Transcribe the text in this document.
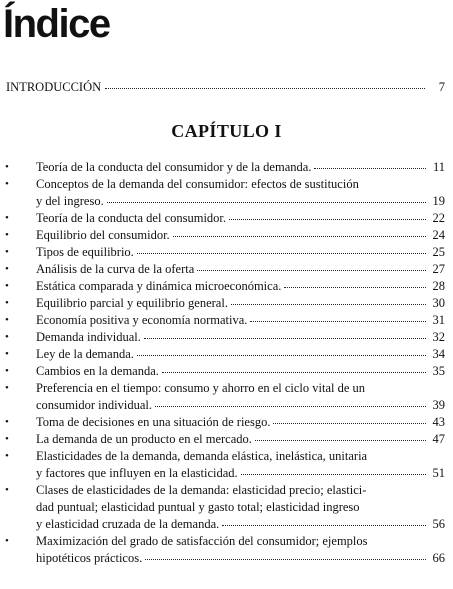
Índice
INTRODUCCIÓN	7
CAPÍTULO I
• Teoría de la conducta del consumidor y de la demanda.	11
• Conceptos de la demanda del consumidor: efectos de sustitución
y del ingreso.	19
• Teoría de la conducta del consumidor.	22
• Equilibrio del consumidor.	24
• Tipos de equilibrio.	25
• Análisis de la curva de la oferta	27
• Estática comparada y dinámica microeconómica.	28
• Equilibrio parcial y equilibrio general.	30
• Economía positiva y economía normativa.	31
• Demanda individual.	32
• Ley de la demanda.	34
• Cambios en la demanda.	35
• Preferencia en el tiempo: consumo y ahorro en el ciclo vital de un
consumidor individual.	39
• Toma de decisiones en una situación de riesgo.	43
• La demanda de un producto en el mercado.	47
• Elasticidades de la demanda, demanda elástica, inelástica, unitaria
y factores que influyen en la elasticidad.	51
• Clases de elasticidades de la demanda: elasticidad precio; elastici-
dad puntual; elasticidad puntual y gasto total; elasticidad ingreso
y elasticidad cruzada de la demanda.	56
• Maximización del grado de satisfacción del consumidor; ejemplos
hipotéticos prácticos.	66
